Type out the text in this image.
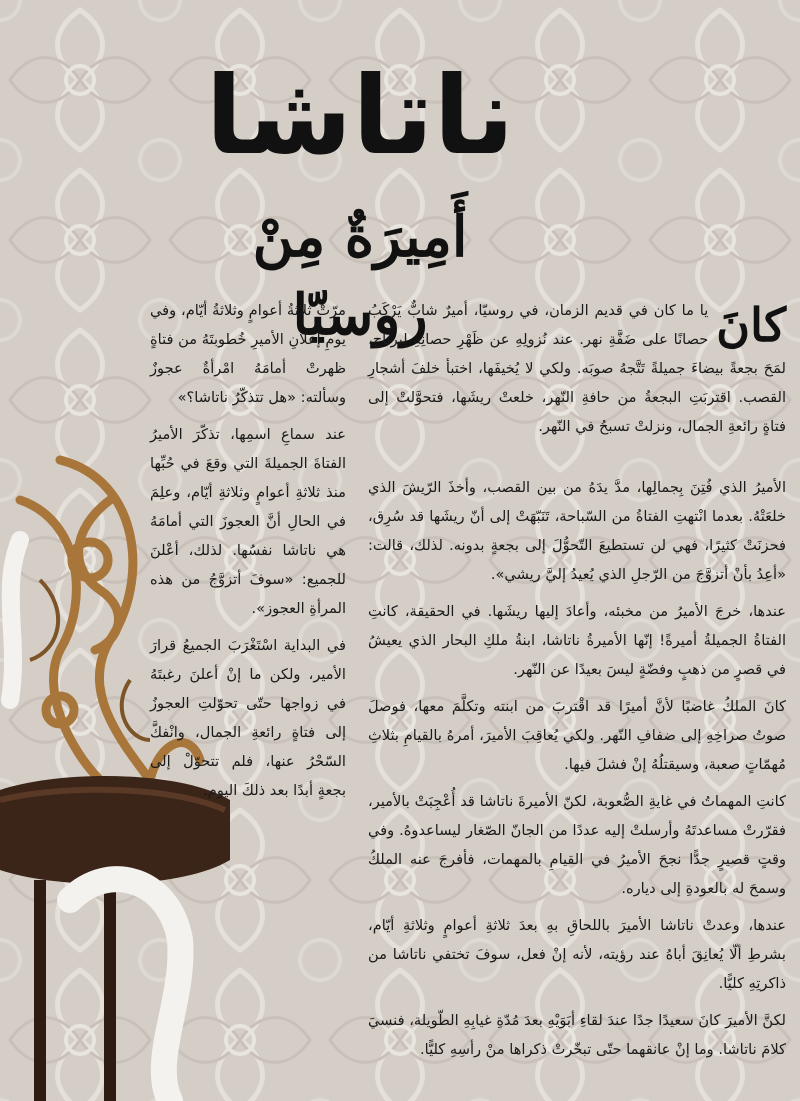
ناتاشا
أَمِيرَةٌ مِنْ روسيّا	كانَ

يا ما كان في قديم الزمان، في روسيّا، أميرٌ شابٌّ يَرْكَبُ حصانًا على ضَفَّةِ نهر. عند نُزولِهِ عن ظَهْرِ حصانِهِ لِيرتاح، لمَحَ بجعةً بيضاءَ جميلةً تَتَّجهُ صوبَه. ولكي لا يُخيفَها، اختبأ خلفَ أشجارِ القصب. اقتربَتِ البجعةُ من حافةِ النّهر، خلعتْ ريشَها، فتحوَّلتْ إلى فتاةٍ رائعةِ الجمال، ونزلتْ تسبحُ في النّهر.

الأميرُ الذي فُتِنَ بِجمالِها، مدَّ يدَهُ من بين القصب، وأخذَ الرّيشَ الذي خلعَتْهُ. بعدما انْتهتِ الفتاةُ من السّباحة، تَنَبّهَتْ إلى أنّ ريشَها قد سُرِق، فحزنَتْ كثيرًا، فهي لن تستطيعَ التّحوُّلَ إلى بجعةٍ بدونه. لذلك، قالت: «أعِدُ بأنْ أتزوَّجَ من الرّجلِ الذي يُعيدُ إليَّ ريشي».

عندها، خرجَ الأميرُ من مخبئه، وأعادَ إليها ريشَها. في الحقيقة، كانتِ الفتاةُ الجميلةُ أميرةً! إنّها الأميرةُ ناتاشا، ابنةُ ملكِ البحار الذي يعيشُ في قصرٍ من ذهبٍ وفضّةٍ ليسَ بعيدًا عن النّهر.

كانَ الملكُ غاضبًا لأنَّ أميرًا قد اقْتربَ من ابنته وتكلَّمَ معها، فوصلَ صوتُ صراخِهِ إلى ضفافِ النّهر. ولكي يُعاقِبَ الأميرَ، أمرهُ بالقيامِ بثلاثِ مُهمّاتٍ صعبة، وسيقتلُهُ إنْ فشلَ فيها.

كانتِ المهماتُ في غايةِ الصُّعوبة، لكنّ الأميرةَ ناتاشا قد أُعْجِبَتْ بالأمير، فقرّرتْ مساعدتَهُ وأرسلتْ إليه عددًا من الجانّ الصّغار ليساعدوهُ. وفي وقتٍ قصيرٍ جدًّا نجحَ الأميرُ في القيامِ بالمهمات، فأفرجَ عنه الملكُ وسمحَ له بالعودةِ إلى دياره.

عندها، وعدتْ ناتاشا الأميرَ باللحاقِ بهِ بعدَ ثلاثةِ أعوامٍ وثلاثةِ أيّام، بشرطِ ألّا يُعانِقَ أباهُ عند رؤيته، لأنه إنْ فعل، سوفَ تختفي ناتاشا من ذاكرتِهِ كليًّا.

لكنَّ الأميرَ كانَ سعيدًا جدًا عندَ لقاءِ أبَوَيْهِ بعدَ مُدّةِ غيابِهِ الطّويلة، فنسيَ كلامَ ناتاشا. وما إنْ عانقهما حتّى تبخّرتْ ذكراها منْ رأسِهِ كليًّا.

مرّتْ ثلاثةُ أعوامٍ وثلاثةُ أيّام، وفي يومِ إعلانِ الأميرِ خُطوبتَهُ من فتاةٍ ظهرتْ أمامَهُ امْرأةٌ عجوزٌ وسألته: «هل تتذكّرُ ناتاشا؟»

عند سماعِ اسمِها، تذكّرَ الأميرُ الفتاةَ الجميلةَ التي وقعَ في حُبِّها منذ ثلاثةِ أعوامٍ وثلاثةِ أيّام، وعلِمَ في الحالِ أنَّ العجوزَ التي أمامَهُ هي ناتاشا نفسُها. لذلك، أعْلنَ للجميع: «سوفَ أتزوَّجُ من هذه المرأةِ العجوز».

في البداية اسْتَغْرَبَ الجميعُ قرارَ الأمير، ولكن ما إنْ أعلنَ رغبتَهُ في زواجها حتّى تحوّلتِ العجوزُ إلى فتاةٍ رائعةِ الجمال، وانْفكَّ السّحْرُ عنها، فلم تتحوّلْ إلى بجعةٍ أبدًا بعد ذلكَ اليوم.
